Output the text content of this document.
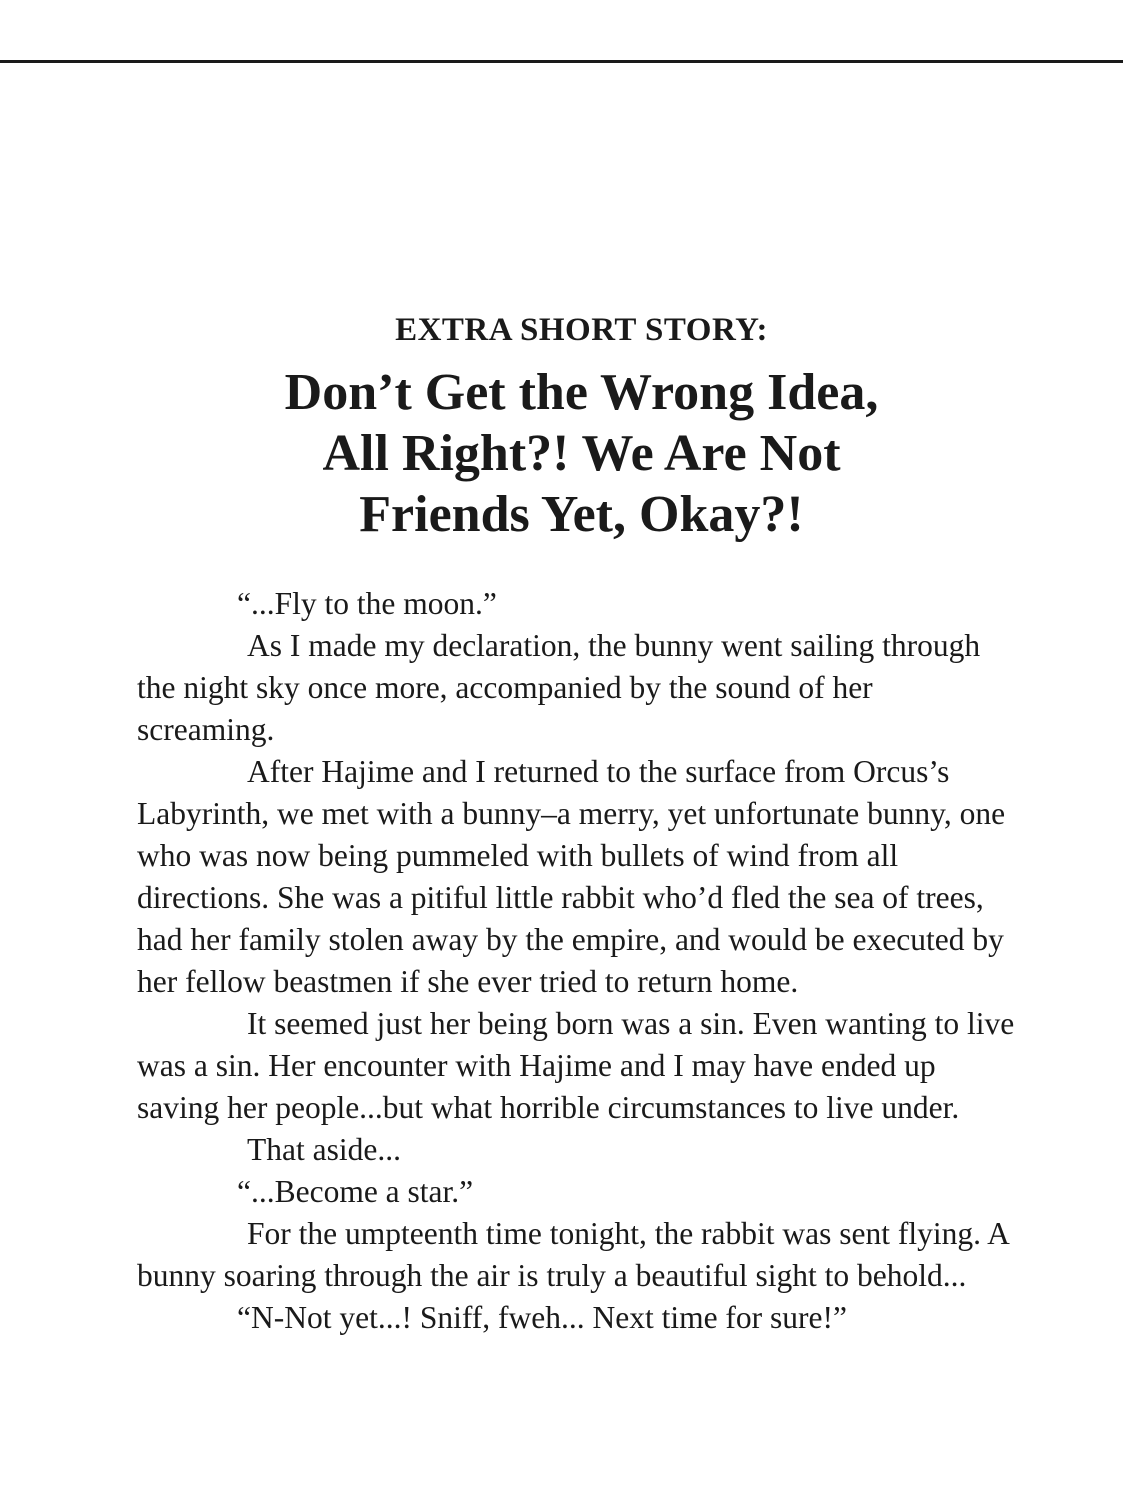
EXTRA SHORT STORY:

Don’t Get the Wrong Idea,
All Right?! We Are Not
Friends Yet, Okay?!

“...Fly to the moon.”

As I made my declaration, the bunny went sailing through the night sky once more, accompanied by the sound of her screaming.

After Hajime and I returned to the surface from Orcus’s Labyrinth, we met with a bunny–a merry, yet unfortunate bunny, one who was now being pummeled with bullets of wind from all directions. She was a pitiful little rabbit who’d fled the sea of trees, had her family stolen away by the empire, and would be executed by her fellow beastmen if she ever tried to return home.

It seemed just her being born was a sin. Even wanting to live was a sin. Her encounter with Hajime and I may have ended up saving her people...but what horrible circumstances to live under.

That aside...

“...Become a star.”

For the umpteenth time tonight, the rabbit was sent flying. A bunny soaring through the air is truly a beautiful sight to behold...

“N-Not yet...! Sniff, fweh... Next time for sure!”
